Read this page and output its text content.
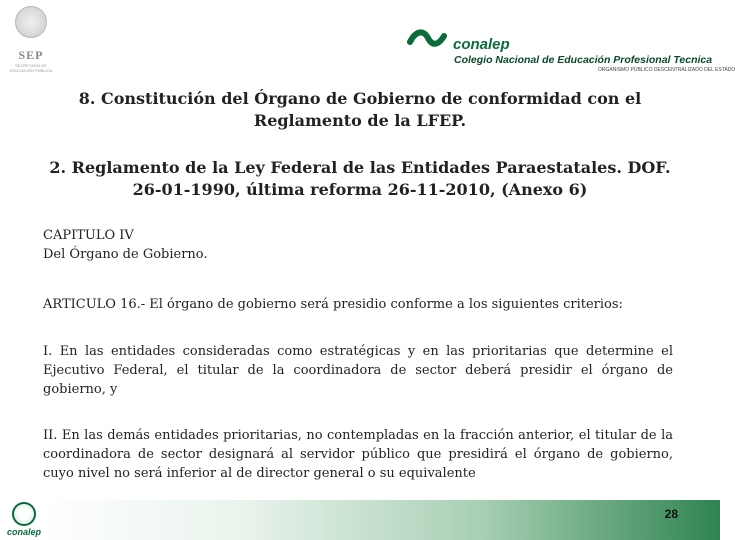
SEP
SECRETARÍA DE EDUCACIÓN PÚBLICA
conalep
Colegio Nacional de Educación Profesional Tecnica
ORGANISMO PÚBLICO DESCENTRALIZADO DEL ESTADO
8. Constitución del Órgano de Gobierno de conformidad con el
Reglamento de la LFEP.
2. Reglamento de la Ley Federal de las Entidades Paraestatales. DOF.
26-01-1990, última reforma 26-11-2010, (Anexo 6)
CAPITULO IV
Del Órgano de Gobierno.
ARTICULO 16.- El órgano de gobierno será presidio conforme a los siguientes criterios:
I. En las entidades consideradas como estratégicas y en las prioritarias que determine el Ejecutivo Federal, el titular de la coordinadora de sector deberá presidir el órgano de gobierno, y
II. En las demás entidades prioritarias, no contempladas en la fracción anterior, el titular de la coordinadora de sector designará al servidor público que presidirá el órgano de gobierno, cuyo nivel no será inferior al de director general o su equivalente
conalep
28
